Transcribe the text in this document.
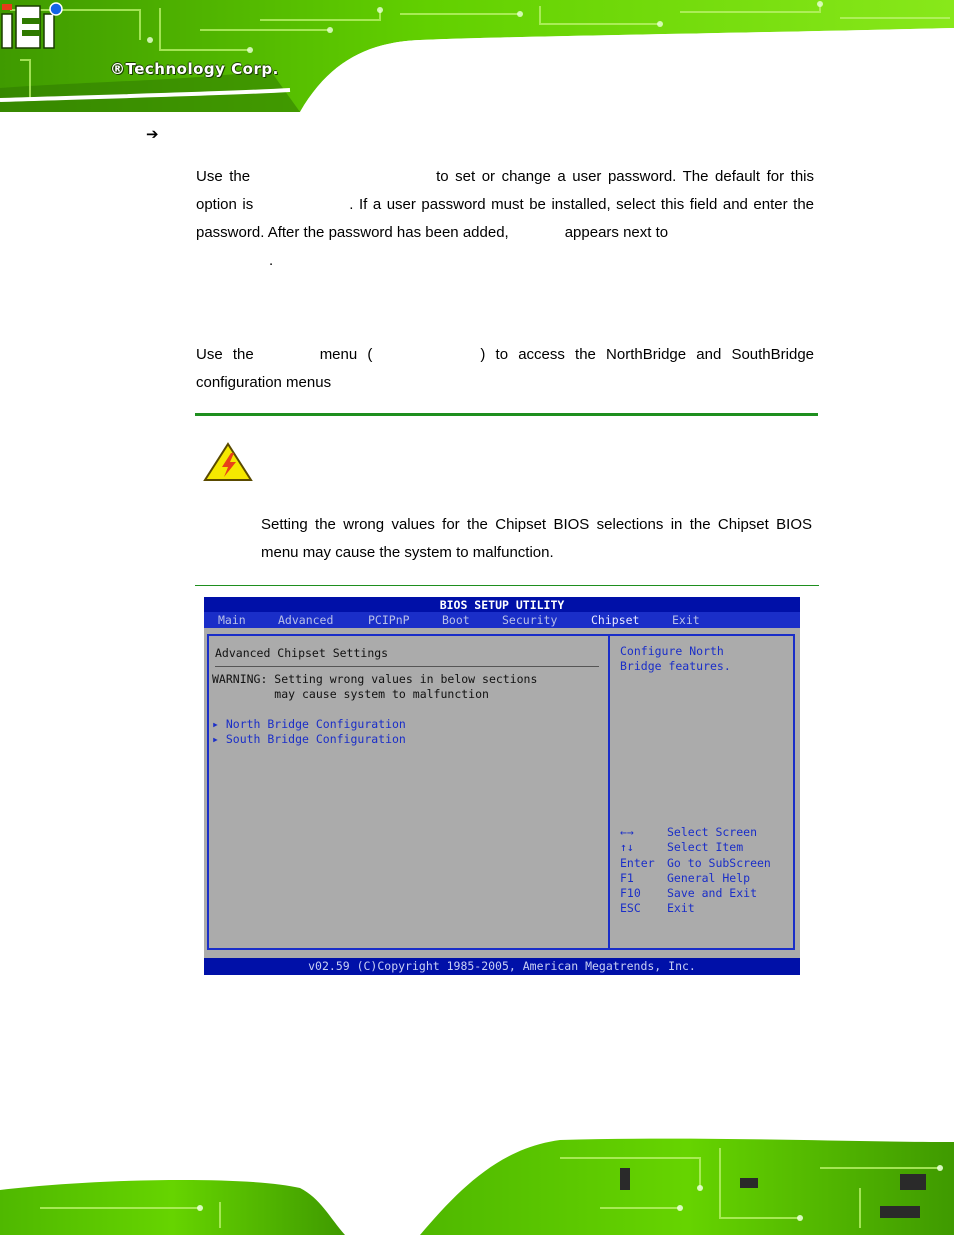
®Technology Corp.
➔
Use the	to set or change a user password. The default for this option is	. If a user password must be installed, select this field and enter the password. After the password has been added,	appears next to
.
Use the	menu (	) to access the NorthBridge and SouthBridge configuration menus
Setting the wrong values for the Chipset BIOS selections in the Chipset BIOS menu may cause the system to malfunction.
BIOS SETUP UTILITY
Main	Advanced	PCIPnP	Boot	Security	Chipset	Exit
Advanced Chipset Settings
WARNING: Setting wrong values in below sections
may cause system to malfunction
▸ North Bridge Configuration
▸ South Bridge Configuration
Configure North
Bridge features.
←→	Select Screen
↑↓	Select Item
Enter Go to SubScreen
F1	General Help
F10 Save and Exit
ESC Exit
v02.59 (C)Copyright 1985-2005, American Megatrends, Inc.
